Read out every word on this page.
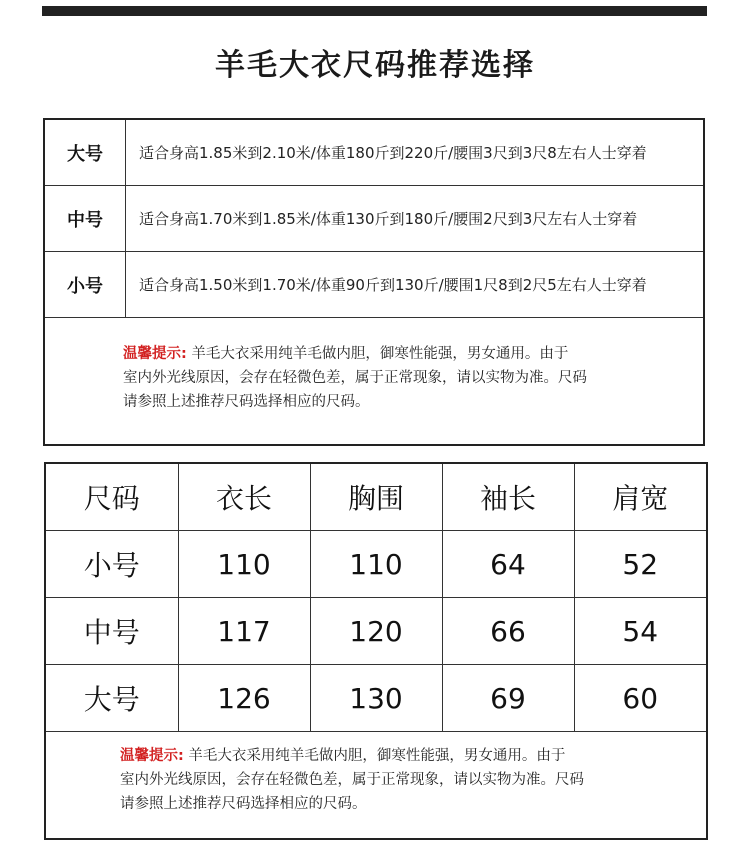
羊毛大衣尺码推荐选择
大号	适合身高1.85米到2.10米/体重180斤到220斤/腰围3尺到3尺8左右人士穿着
中号	适合身高1.70米到1.85米/体重130斤到180斤/腰围2尺到3尺左右人士穿着
小号	适合身高1.50米到1.70米/体重90斤到130斤/腰围1尺8到2尺5左右人士穿着
温馨提示: 羊毛大衣采用纯羊毛做内胆，御寒性能强，男女通用。由于
室内外光线原因，会存在轻微色差，属于正常现象，请以实物为准。尺码
请参照上述推荐尺码选择相应的尺码。
尺码	衣长	胸围	袖长	肩宽
小号	110	110	64	52
中号	117	120	66	54
大号	126	130	69	60
温馨提示: 羊毛大衣采用纯羊毛做内胆，御寒性能强，男女通用。由于
室内外光线原因，会存在轻微色差，属于正常现象，请以实物为准。尺码
请参照上述推荐尺码选择相应的尺码。
